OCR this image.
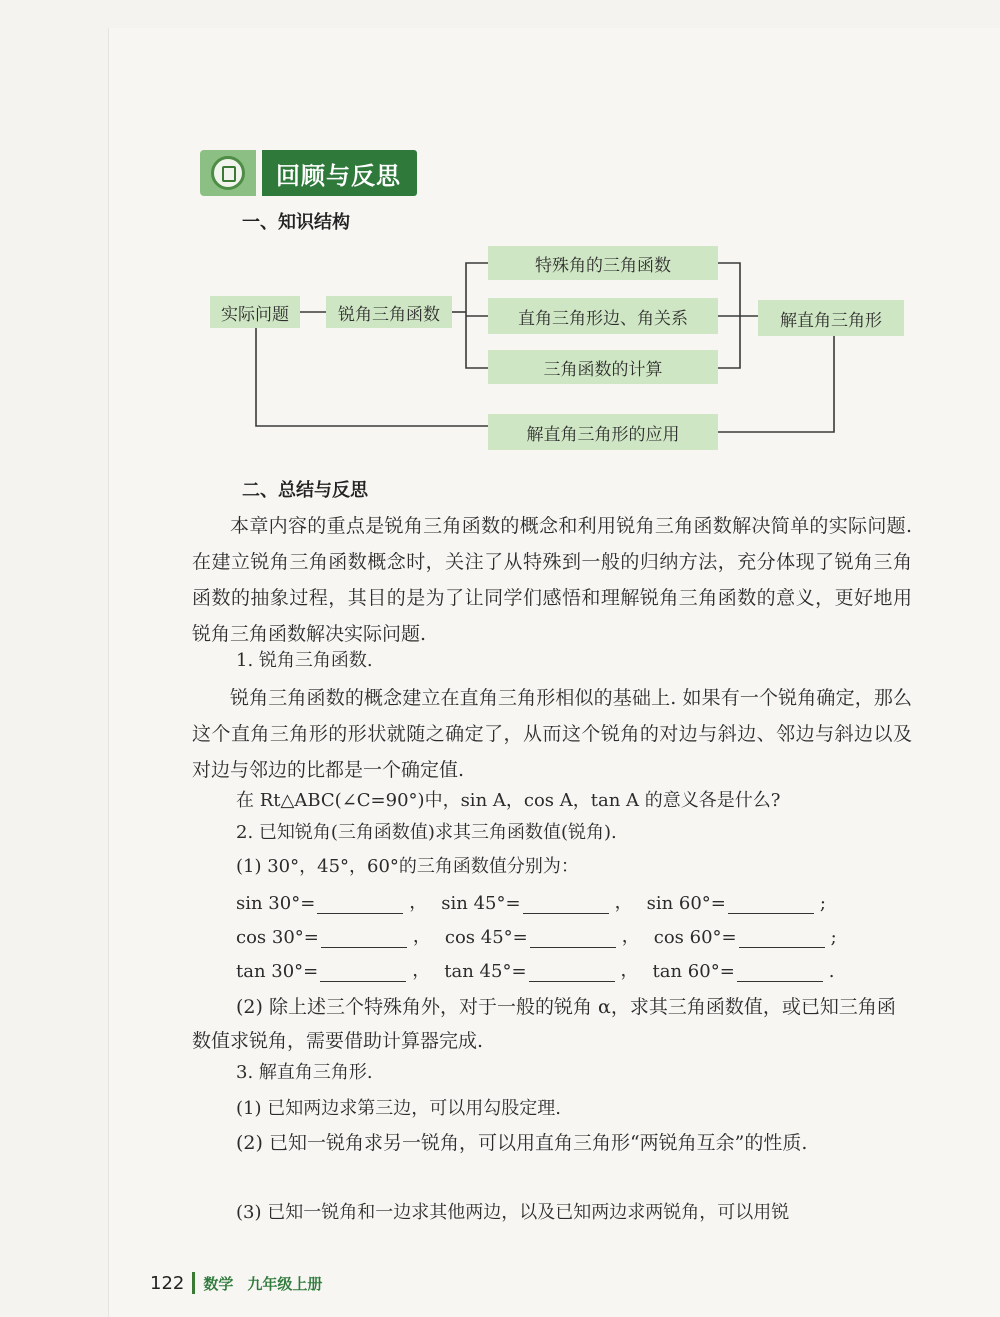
回顾与反思
一、知识结构
实际问题	锐角三角函数
特殊角的三角函数
直角三角形边、角关系
三角函数的计算
解直角三角形
解直角三角形的应用
二、总结与反思
本章内容的重点是锐角三角函数的概念和利用锐角三角函数解决简单的实际问题. 在建立锐角三角函数概念时，关注了从特殊到一般的归纳方法，充分体现了锐角三角函数的抽象过程，其目的是为了让同学们感悟和理解锐角三角函数的意义，更好地用锐角三角函数解决实际问题.
1. 锐角三角函数.
锐角三角函数的概念建立在直角三角形相似的基础上. 如果有一个锐角确定，那么这个直角三角形的形状就随之确定了，从而这个锐角的对边与斜边、邻边与斜边以及对边与邻边的比都是一个确定值.
在 Rt△ABC(∠C=90°)中，sin A，cos A，tan A 的意义各是什么?
2. 已知锐角(三角函数值)求其三角函数值(锐角).
(1) 30°，45°，60°的三角函数值分别为：
sin 30°=	， sin 45°=	， sin 60°=	;
cos 30°=	， cos 45°=	， cos 60°=	;
tan 30°=	， tan 45°=	， tan 60°=	.
(2) 除上述三个特殊角外，对于一般的锐角 α，求其三角函数值，或已知三角函数值求锐角，需要借助计算器完成.
3. 解直角三角形.
(1) 已知两边求第三边，可以用勾股定理.
(2) 已知一锐角求另一锐角，可以用直角三角形“两锐角互余”的性质.
(3) 已知一锐角和一边求其他两边，以及已知两边求两锐角，可以用锐
122 数学 九年级上册
